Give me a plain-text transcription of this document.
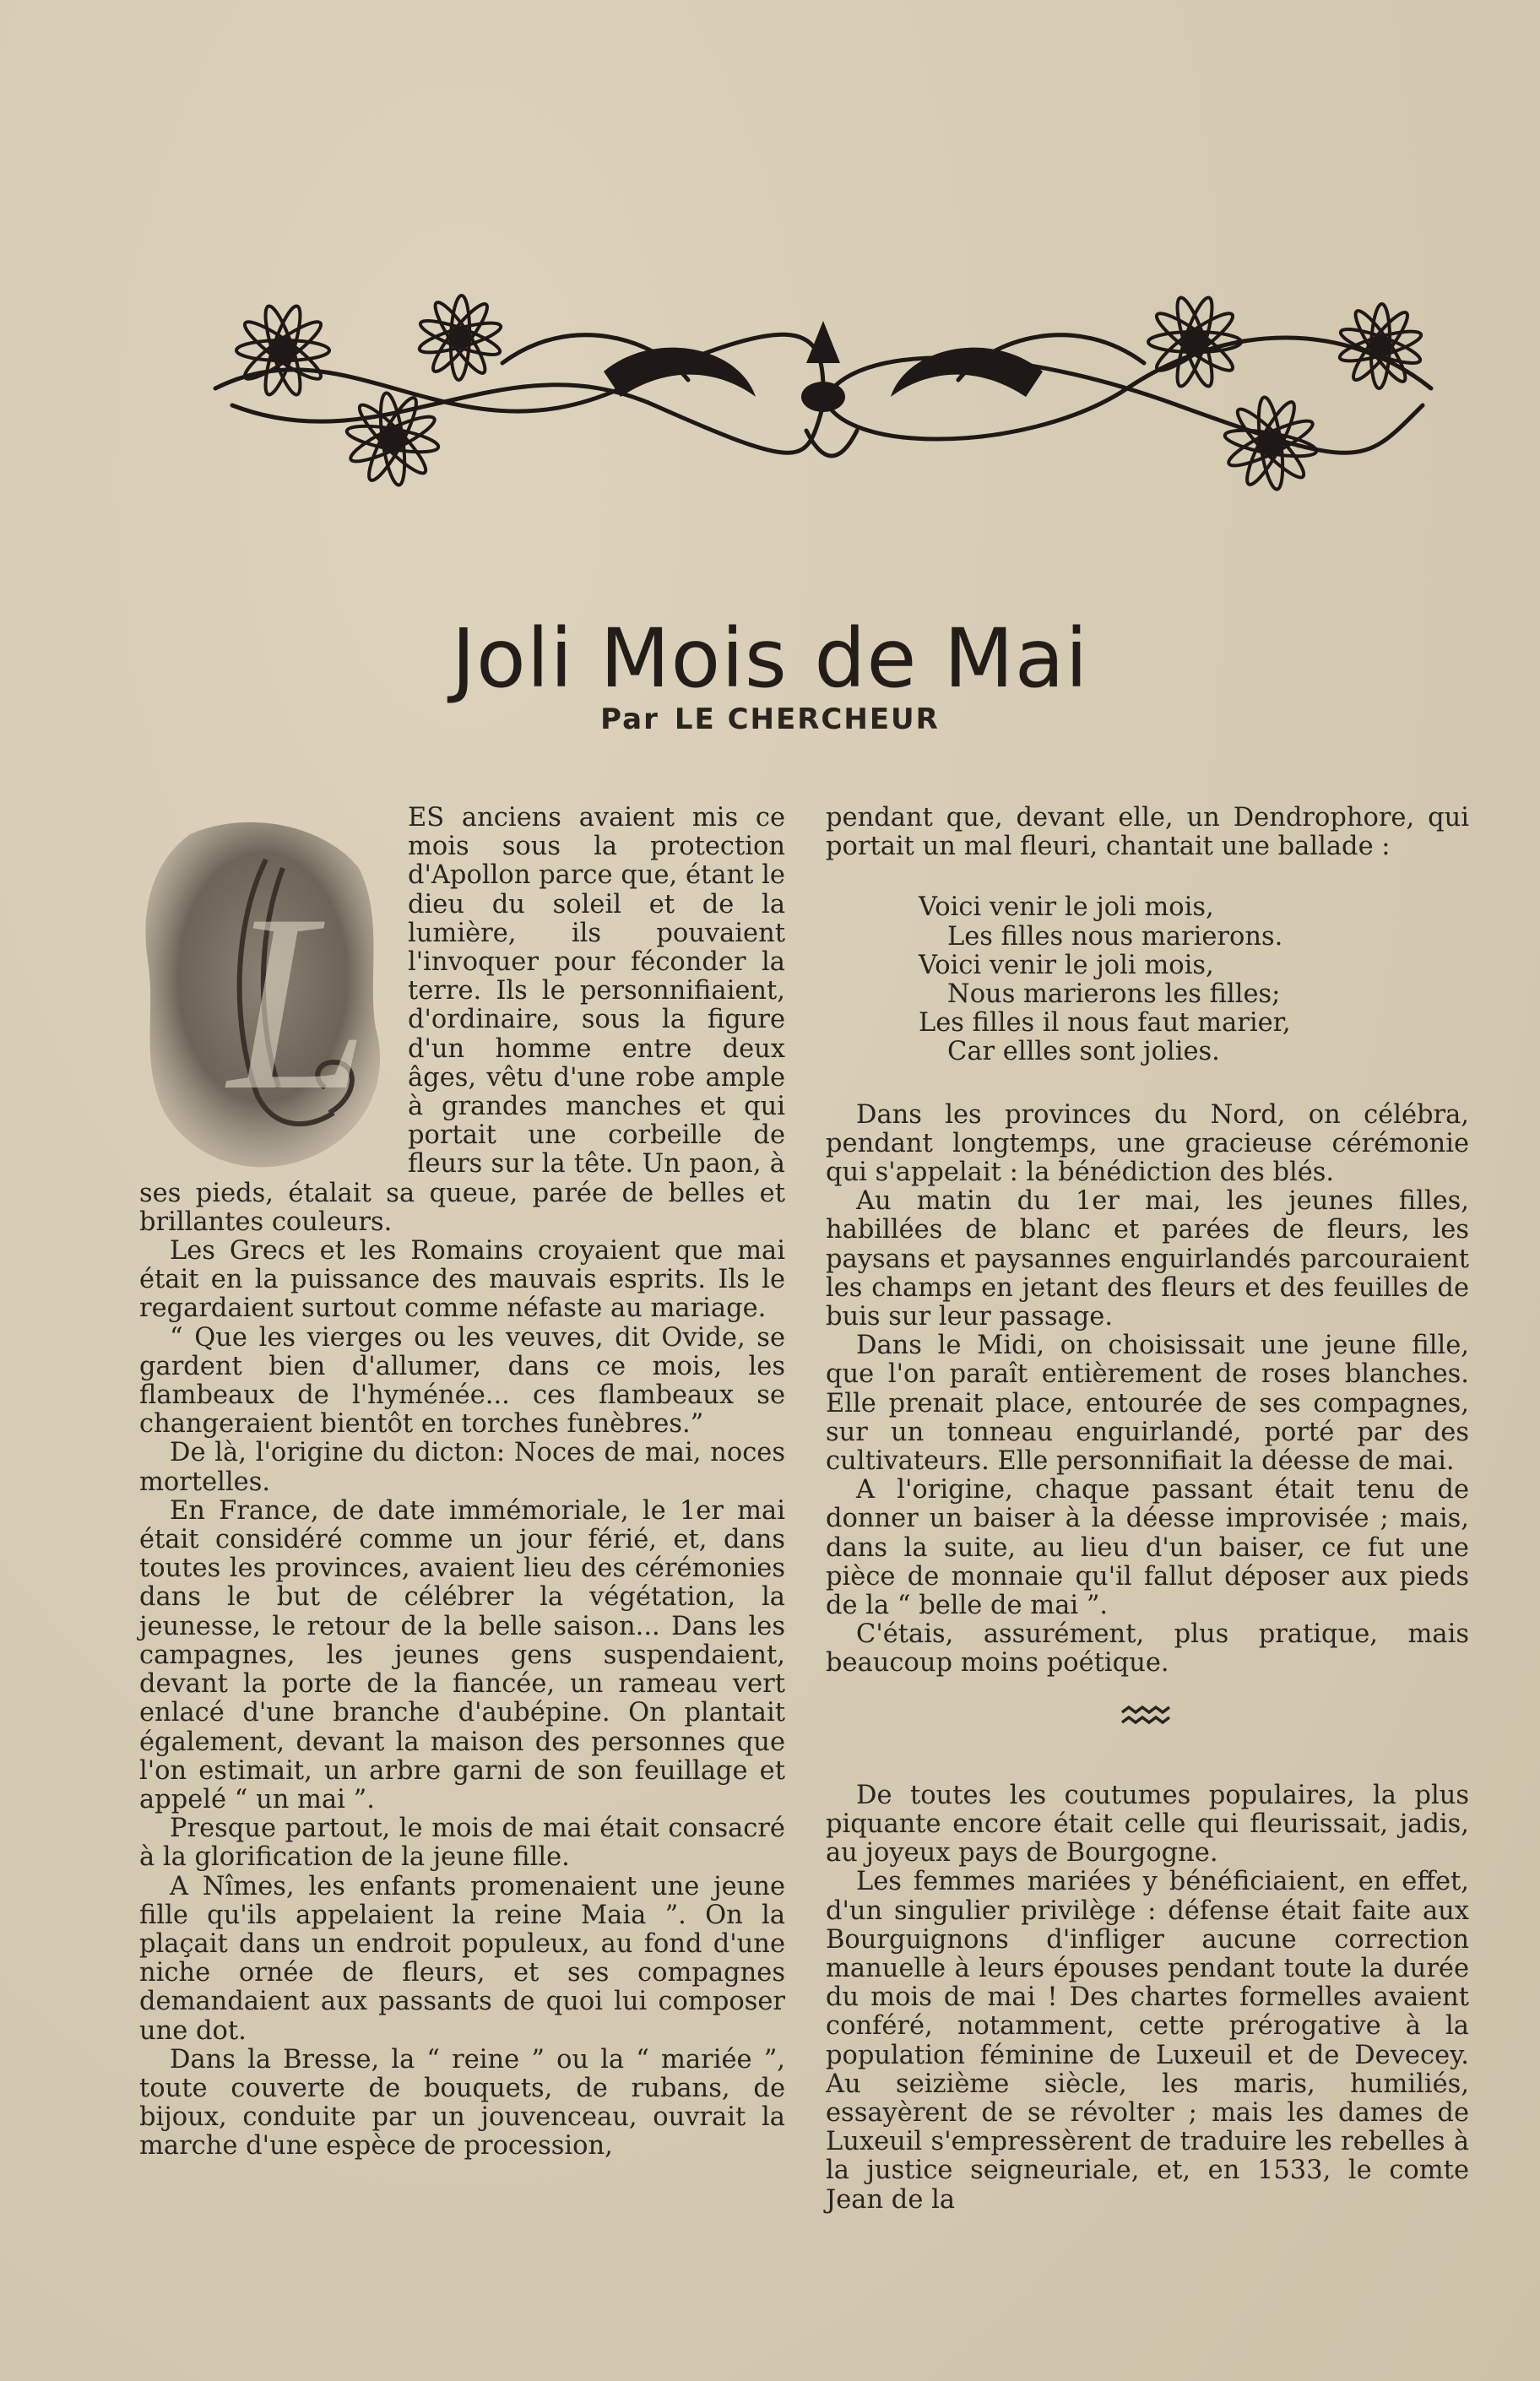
Joli Mois de Mai
Par LE CHERCHEUR
L

ES anciens avaient mis ce mois sous la protection d'Apollon parce que, étant le dieu du soleil et de la lumière, ils pouvaient l'invoquer pour féconder la terre. Ils le personnifiaient, d'ordinaire, sous la figure d'un homme entre deux âges, vêtu d'une robe ample à grandes manches et qui portait une corbeille de fleurs sur la tête. Un paon, à ses pieds, étalait sa queue, parée de belles et brillantes couleurs.

Les Grecs et les Romains croyaient que mai était en la puissance des mauvais esprits. Ils le regardaient surtout comme néfaste au mariage.

“ Que les vierges ou les veuves, dit Ovide, se gardent bien d'allumer, dans ce mois, les flambeaux de l'hyménée... ces flambeaux se changeraient bientôt en torches funèbres.”

De là, l'origine du dicton: Noces de mai, noces mortelles.

En France, de date immémoriale, le 1er mai était considéré comme un jour férié, et, dans toutes les provinces, avaient lieu des cérémonies dans le but de célébrer la végétation, la jeunesse, le retour de la belle saison... Dans les campagnes, les jeunes gens suspendaient, devant la porte de la fiancée, un rameau vert enlacé d'une branche d'aubépine. On plantait également, devant la maison des personnes que l'on estimait, un arbre garni de son feuillage et appelé “ un mai ”.

Presque partout, le mois de mai était consacré à la glorification de la jeune fille.

A Nîmes, les enfants promenaient une jeune fille qu'ils appelaient la reine Maia ”. On la plaçait dans un endroit populeux, au fond d'une niche ornée de fleurs, et ses compagnes demandaient aux passants de quoi lui composer une dot.

Dans la Bresse, la “ reine ” ou la “ mariée ”, toute couverte de bouquets, de rubans, de bijoux, conduite par un jouvenceau, ouvrait la marche d'une espèce de procession,

pendant que, devant elle, un Dendrophore, qui portait un mal fleuri, chantait une ballade :

Voici venir le joli mois,
Les filles nous marierons.
Voici venir le joli mois,
Nous marierons les filles;
Les filles il nous faut marier,
Car ellles sont jolies.

Dans les provinces du Nord, on célébra, pendant longtemps, une gracieuse cérémonie qui s'appelait : la bénédiction des blés.

Au matin du 1er mai, les jeunes filles, habillées de blanc et parées de fleurs, les paysans et paysannes enguirlandés parcouraient les champs en jetant des fleurs et des feuilles de buis sur leur passage.

Dans le Midi, on choisissait une jeune fille, que l'on paraît entièrement de roses blanches. Elle prenait place, entourée de ses compagnes, sur un tonneau enguirlandé, porté par des cultivateurs. Elle personnifiait la déesse de mai.

A l'origine, chaque passant était tenu de donner un baiser à la déesse improvisée ; mais, dans la suite, au lieu d'un baiser, ce fut une pièce de monnaie qu'il fallut déposer aux pieds de la “ belle de mai ”.

C'étais, assurément, plus pratique, mais beaucoup moins poétique.

De toutes les coutumes populaires, la plus piquante encore était celle qui fleurissait, jadis, au joyeux pays de Bourgogne.

Les femmes mariées y bénéficiaient, en effet, d'un singulier privilège : défense était faite aux Bourguignons d'infliger aucune correction manuelle à leurs épouses pendant toute la durée du mois de mai ! Des chartes formelles avaient conféré, notamment, cette prérogative à la population féminine de Luxeuil et de Devecey. Au seizième siècle, les maris, humiliés, essayèrent de se révolter ; mais les dames de Luxeuil s'empressèrent de traduire les rebelles à la justice seigneuriale, et, en 1533, le comte Jean de la
